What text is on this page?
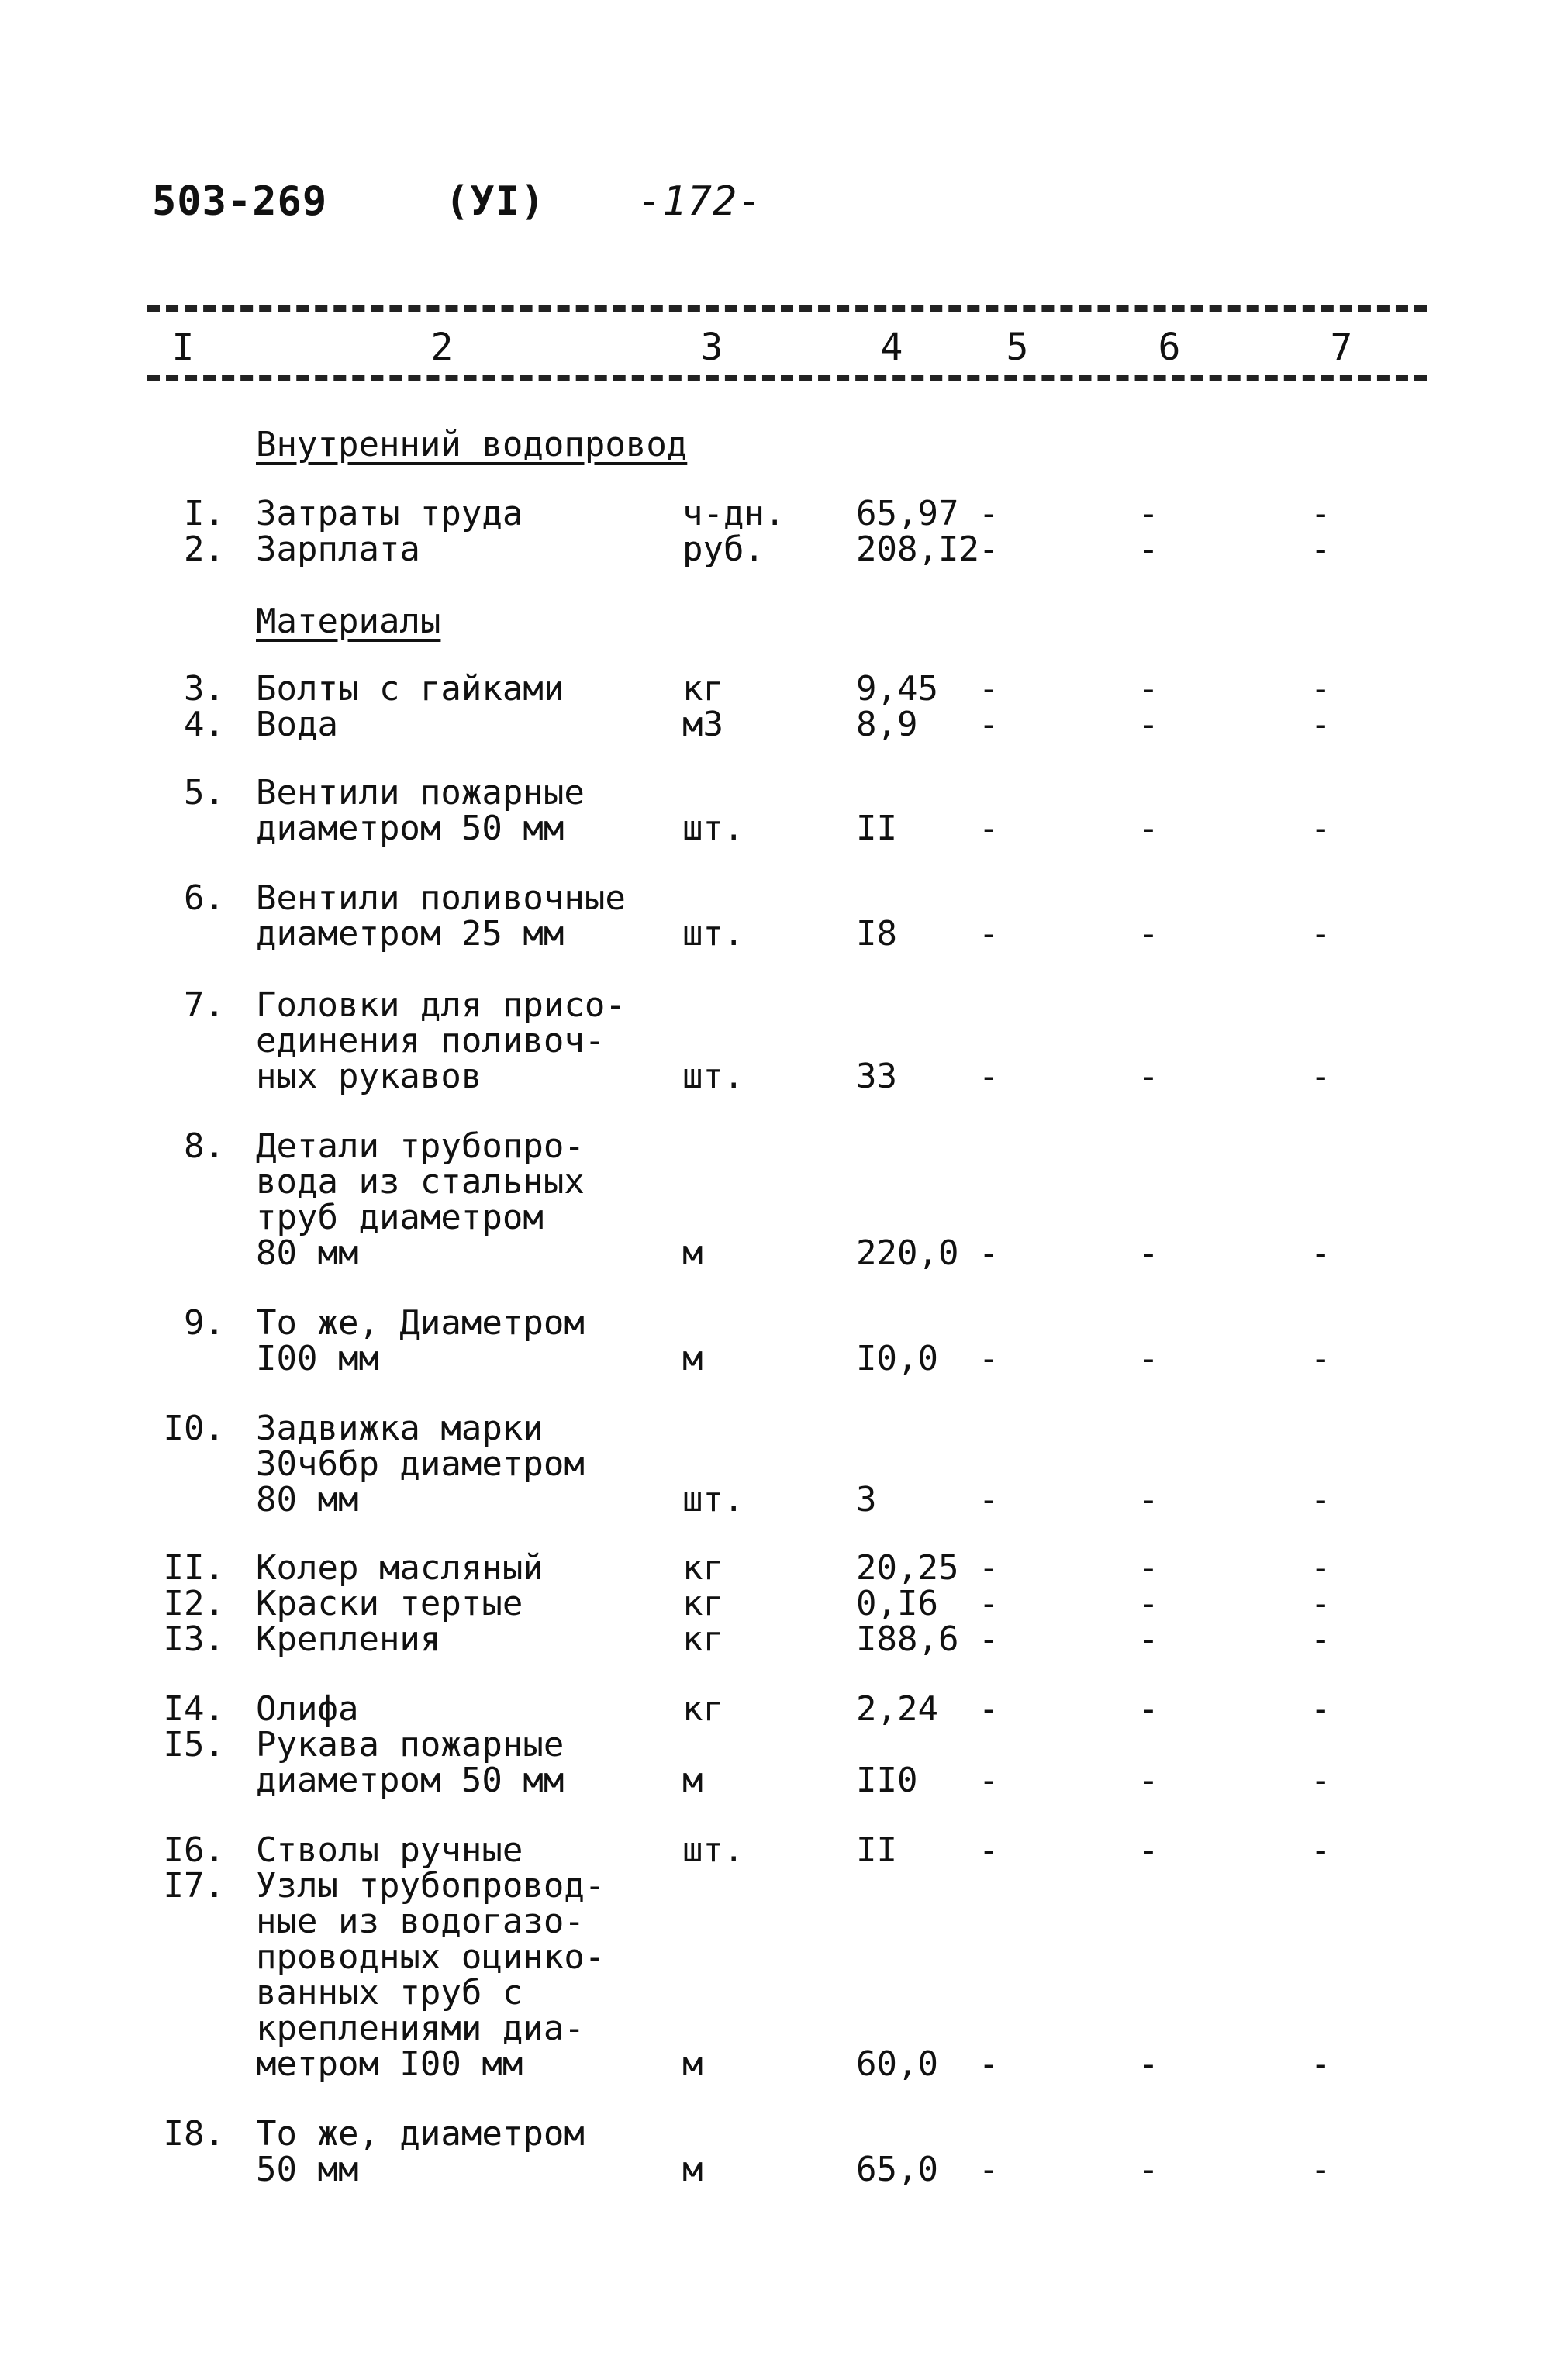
503-269	(УI) -172-
I	2	3	4	5	6	7
Внутренний водопровод
I. Затраты труда	ч-дн. 65,97 -	-	-
2. Зарплата	руб.	208,I2 -	-	-
Материалы
3. Болты с гайками	кг	9,45 -	-	-
4. Вода	м3	8,9 -	-	-
5. Вентили пожарные
диаметром 50 мм	шт.	II -	-	-
6. Вентили поливочные
диаметром 25 мм	шт.	I8 -	-	-
7. Головки для присо-
единения поливоч-
ных рукавов	шт.	33 -	-	-
8. Детали трубопро-
вода из стальных
труб диаметром
80 мм	м	220,0 -	-	-
9. То же, Диаметром
I00 мм	м	I0,0 -	-	-
I0. Задвижка марки
30ч6бр диаметром
80 мм	шт.	3	-	-	-
II. Колер масляный	кг	20,25 -	-	-
I2. Краски тертые	кг	0,I6 -	-	-
I3. Крепления	кг	I88,6 -	-	-
I4. Олифа	кг	2,24 -	-	-
I5. Рукава пожарные
диаметром 50 мм	м	II0 -	-	-
I6. Стволы ручные	шт.	II -	-	-
I7. Узлы трубопровод-
ные из водогазо-
проводных оцинко-
ванных труб с
креплениями диа-
метром I00 мм	м	60,0 -	-	-
I8. То же, диаметром
50 мм	м	65,0 -	-	-
